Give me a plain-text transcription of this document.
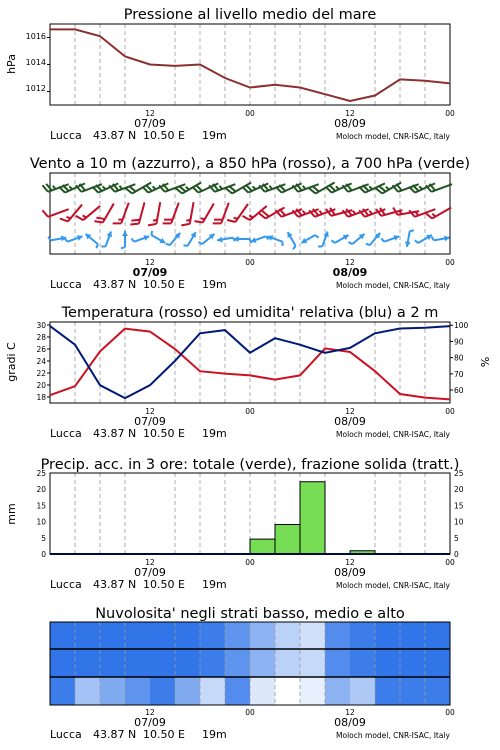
Pressione al livello medio del mare
hPa
1012
1014
1016
12	00	12	00
07/09	08/09
Lucca 43.87 N 10.50 E 19m	Moloch model, CNR-ISAC, Italy
Vento a 10 m (azzurro), a 850 hPa (rosso), a 700 hPa (verde)
12	00	12	00
07/09	08/09
Lucca 43.87 N 10.50 E 19m	Moloch model, CNR-ISAC, Italy
Temperatura (rosso) ed umidita' relativa (blu) a 2 m
gradi C	%
18
20
22
24
26
28
30
60
70
80
90
100
12	00	12	00
07/09	08/09
Lucca 43.87 N 10.50 E 19m	Moloch model, CNR-ISAC, Italy
Precip. acc. in 3 ore: totale (verde), frazione solida (tratt.)
mm
0
5
10
15
20
25
0
5
10
15
20
25
12	00	12	00
07/09	08/09
Lucca 43.87 N 10.50 E 19m	Moloch model, CNR-ISAC, Italy
Nuvolosita' negli strati basso, medio e alto
12	00	12	00
07/09	08/09
Lucca 43.87 N 10.50 E 19m	Moloch model, CNR-ISAC, Italy
